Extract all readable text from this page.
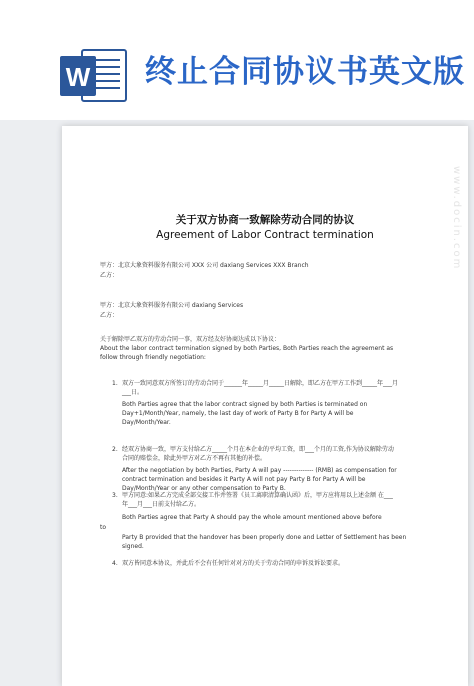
W 终止合同协议书英文版
www.docin.com
关于双方协商一致解除劳动合同的协议
Agreement of Labor Contract termination
甲方：北京大象资料服务有限公司 XXX 公司 daxiang Services XXX Branch
乙方：
甲方：北京大象资料服务有限公司 daxiang Services
乙方：
关于解除甲乙双方的劳动合同一事，双方经友好协商达成以下协议：
About the labor contract termination signed by both Parties, Both Parties reach the agreement as
follow through friendly negotiation:
1. 双方一致同意双方所签订的劳动合同于______年_____月_____日解除，即乙方在甲方工作到_____年___月
___日。
Both Parties agree that the labor contract signed by both Parties is terminated on
Day+1/Month/Year, namely, the last day of work of Party B for Party A will be
Day/Month/Year.
2. 经双方协商一致，甲方支付给乙方_____个月在本企业的平均工资，即___个月的工资,作为协议解除劳动
合同的赔偿金，除此外甲方对乙方不再有其他的补偿。
After the negotiation by both Parties, Party A will pay -------------- (RMB) as compensation for
contract termination and besides it Party A will not pay Party B for Party A will be
Day/Month/Year or any other compensation to Party B.
3. 甲方同意:如果乙方完成全部交接工作并签署《员工离职清算确认函》后，甲方应将用以上述金额 在___
年___月___日前支付给乙方。
Both Parties agree that Party A should pay the whole amount mentioned above before
to
Party B provided that the handover has been properly done and Letter of Settlement has been
signed.
4. 双方皆同意本协议，并此后不会有任何针对对方的关于劳动合同的申诉及诉讼要求。
